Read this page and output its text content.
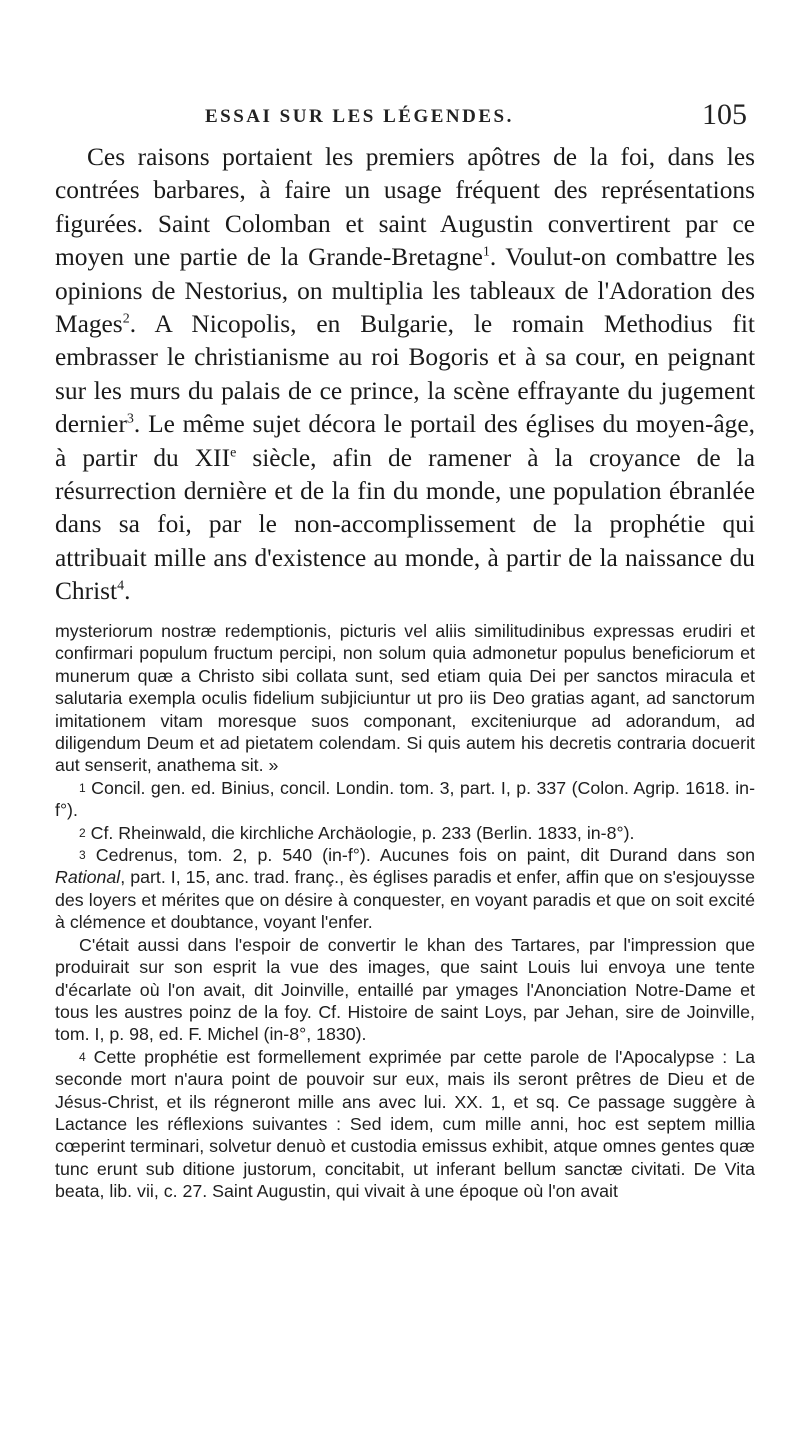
ESSAI SUR LES LÉGENDES.	105

Ces raisons portaient les premiers apôtres de la foi, dans les contrées barbares, à faire un usage fréquent des représentations figurées. Saint Colomban et saint Augustin convertirent par ce moyen une partie de la Grande-Bretagne$^1$. Voulut-on combattre les opinions de Nestorius, on multiplia les tableaux de l'Adoration des Mages$^2$. A Nicopolis, en Bulgarie, le romain Methodius fit embrasser le christianisme au roi Bogoris et à sa cour, en peignant sur les murs du palais de ce prince, la scène effrayante du jugement dernier$^3$. Le même sujet décora le portail des églises du moyen-âge, à partir du XIIe siècle, afin de ramener à la croyance de la résurrection dernière et de la fin du monde, une population ébranlée dans sa foi, par le non-accomplissement de la prophétie qui attribuait mille ans d'existence au monde, à partir de la naissance du Christ$^4$.

mysteriorum nostræ redemptionis, picturis vel aliis similitudinibus expressas erudiri et confirmari populum fructum percipi, non solum quia admonetur populus beneficiorum et munerum quæ a Christo sibi collata sunt, sed etiam quia Dei per sanctos miracula et salutaria exempla oculis fidelium subjiciuntur ut pro iis Deo gratias agant, ad sanctorum imitationem vitam moresque suos componant, exciteniurque ad adorandum, ad diligendum Deum et ad pietatem colendam. Si quis autem his decretis contraria docuerit aut senserit, anathema sit. »

1 Concil. gen. ed. Binius, concil. Londin. tom. 3, part. I, p. 337 (Colon. Agrip. 1618. in-f°).

2 Cf. Rheinwald, die kirchliche Archäologie, p. 233 (Berlin. 1833, in-8°).

3 Cedrenus, tom. 2, p. 540 (in-f°). Aucunes fois on paint, dit Durand dans son Rational, part. I, 15, anc. trad. franç., ès églises paradis et enfer, affin que on s'esjouysse des loyers et mérites que on désire à conquester, en voyant paradis et que on soit excité à clémence et doubtance, voyant l'enfer.

C'était aussi dans l'espoir de convertir le khan des Tartares, par l'impression que produirait sur son esprit la vue des images, que saint Louis lui envoya une tente d'écarlate où l'on avait, dit Joinville, entaillé par ymages l'Anonciation Notre-Dame et tous les austres poinz de la foy. Cf. Histoire de saint Loys, par Jehan, sire de Joinville, tom. I, p. 98, ed. F. Michel (in-8°, 1830).

4 Cette prophétie est formellement exprimée par cette parole de l'Apocalypse : La seconde mort n'aura point de pouvoir sur eux, mais ils seront prêtres de Dieu et de Jésus-Christ, et ils régneront mille ans avec lui. XX. 1, et sq. Ce passage suggère à Lactance les réflexions suivantes : Sed idem, cum mille anni, hoc est septem millia cœperint terminari, solvetur denuò et custodia emissus exhibit, atque omnes gentes quæ tunc erunt sub ditione justorum, concitabit, ut inferant bellum sanctæ civitati. De Vita beata, lib. vii, c. 27. Saint Augustin, qui vivait à une époque où l'on avait
